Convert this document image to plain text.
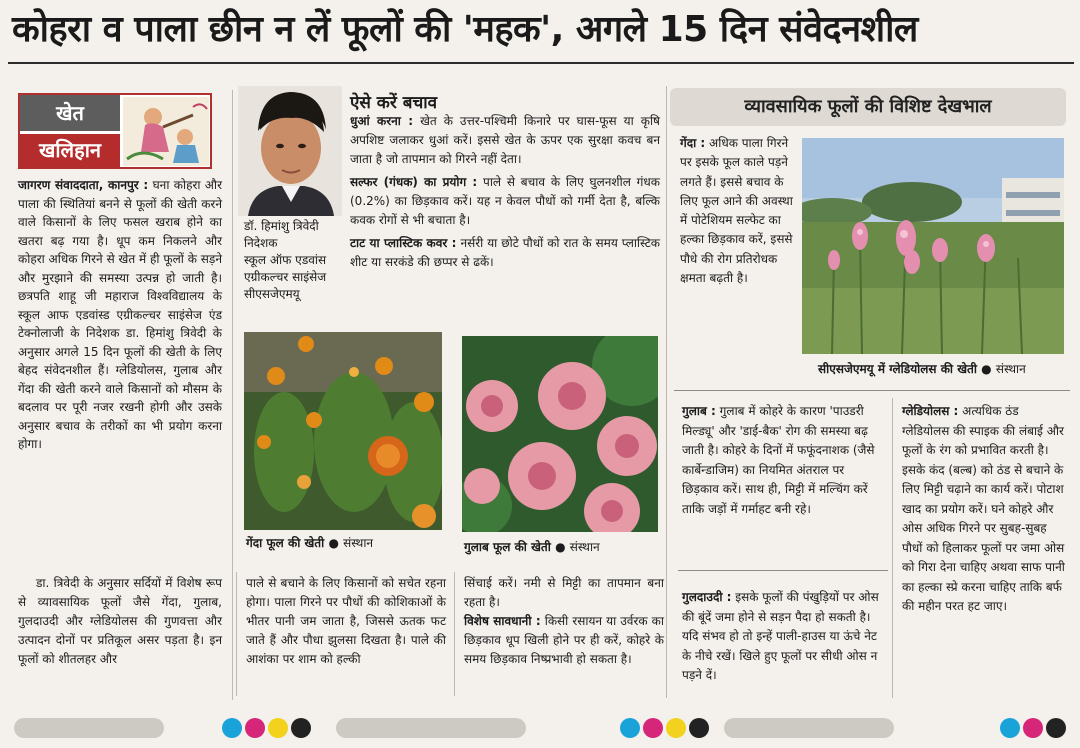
कोहरा व पाला छीन न लें फूलों की 'महक', अगले 15 दिन संवेदनशील
खेत
खलिहान
जागरण संवाददाता, कानपुर : घना कोहरा और पाला की स्थितियां बनने से फूलों की खेती करने वाले किसानों के लिए फसल खराब होने का खतरा बढ़ गया है। धूप कम निकलने और कोहरा अधिक गिरने से खेत में ही फूलों के सड़ने और मुरझाने की समस्या उत्पन्न हो जाती है। छत्रपति शाहू जी महाराज विश्वविद्यालय के स्कूल आफ एडवांस्ड एग्रीकल्चर साइंसेज एंड टेक्नोलाजी के निदेशक डा. हिमांशु त्रिवेदी के अनुसार अगले 15 दिन फूलों की खेती के लिए बेहद संवेदनशील हैं। ग्लेडियोलस, गुलाब और गेंदा की खेती करने वाले किसानों को मौसम के बदलाव पर पूरी नजर रखनी होगी और उसके अनुसार बचाव के तरीकों का भी प्रयोग करना होगा।
डा. त्रिवेदी के अनुसार सर्दियों में विशेष रूप से व्यावसायिक फूलों जैसे गेंदा, गुलाब, गुलदाउदी और ग्लेडियोलस की गुणवत्ता और उत्पादन दोनों पर प्रतिकूल असर पड़ता है। इन फूलों को शीतलहर और
डॉ. हिमांशु त्रिवेदी
निदेशक
स्कूल ऑफ एडवांस
एग्रीकल्चर साइंसेज
सीएसजेएमयू
ऐसे करें बचाव

धुआं करना : खेत के उत्तर-पश्चिमी किनारे पर घास-फूस या कृषि अपशिष्ट जलाकर धुआं करें। इससे खेत के ऊपर एक सुरक्षा कवच बन जाता है जो तापमान को गिरने नहीं देता।

सल्फर (गंधक) का प्रयोग : पाले से बचाव के लिए घुलनशील गंधक (0.2%) का छिड़काव करें। यह न केवल पौधों को गर्मी देता है, बल्कि कवक रोगों से भी बचाता है।

टाट या प्लास्टिक कवर : नर्सरी या छोटे पौधों को रात के समय प्लास्टिक शीट या सरकंडे की छप्पर से ढकें।

गेंदा फूल की खेती ● संस्थान	गुलाब फूल की खेती ● संस्थान
पाले से बचाने के लिए किसानों को सचेत रहना होगा। पाला गिरने पर पौधों की कोशिकाओं के भीतर पानी जम जाता है, जिससे ऊतक फट जाते हैं और पौधा झुलसा दिखता है। पाले की आशंका पर शाम को हल्की
सिंचाई करें। नमी से मिट्टी का तापमान बना रहता है।
विशेष सावधानी : किसी रसायन या उर्वरक का छिड़काव धूप खिली होने पर ही करें, कोहरे के समय छिड़काव निष्प्रभावी हो सकता है।
व्यावसायिक फूलों की विशिष्ट देखभाल
गेंदा : अधिक पाला गिरने पर इसके फूल काले पड़ने लगते हैं। इससे बचाव के लिए फूल आने की अवस्था में पोटेशियम सल्फेट का हल्का छिड़काव करें, इससे पौधे की रोग प्रतिरोधक क्षमता बढ़ती है।
सीएसजेएमयू में ग्लेडियोलस की खेती ● संस्थान
गुलाब : गुलाब में कोहरे के कारण 'पाउडरी मिल्ड्यू' और 'डाई-बैक' रोग की समस्या बढ़ जाती है। कोहरे के दिनों में फफूंदनाशक (जैसे कार्बेन्डाजिम) का नियमित अंतराल पर छिड़काव करें। साथ ही, मिट्टी में मल्चिंग करें ताकि जड़ों में गर्माहट बनी रहे।
गुलदाउदी : इसके फूलों की पंखुड़ियों पर ओस की बूंदें जमा होने से सड़न पैदा हो सकती है। यदि संभव हो तो इन्हें पाली-हाउस या ऊंचे नेट के नीचे रखें। खिले हुए फूलों पर सीधी ओस न पड़ने दें।
ग्लेडियोलस : अत्यधिक ठंड ग्लेडियोलस की स्पाइक की लंबाई और फूलों के रंग को प्रभावित करती है। इसके कंद (बल्ब) को ठंड से बचाने के लिए मिट्टी चढ़ाने का कार्य करें। पोटाश खाद का प्रयोग करें। घने कोहरे और ओस अधिक गिरने पर सुबह-सुबह पौधों को हिलाकर फूलों पर जमा ओस को गिरा देना चाहिए अथवा साफ पानी का हल्का स्प्रे करना चाहिए ताकि बर्फ की महीन परत हट जाए।
